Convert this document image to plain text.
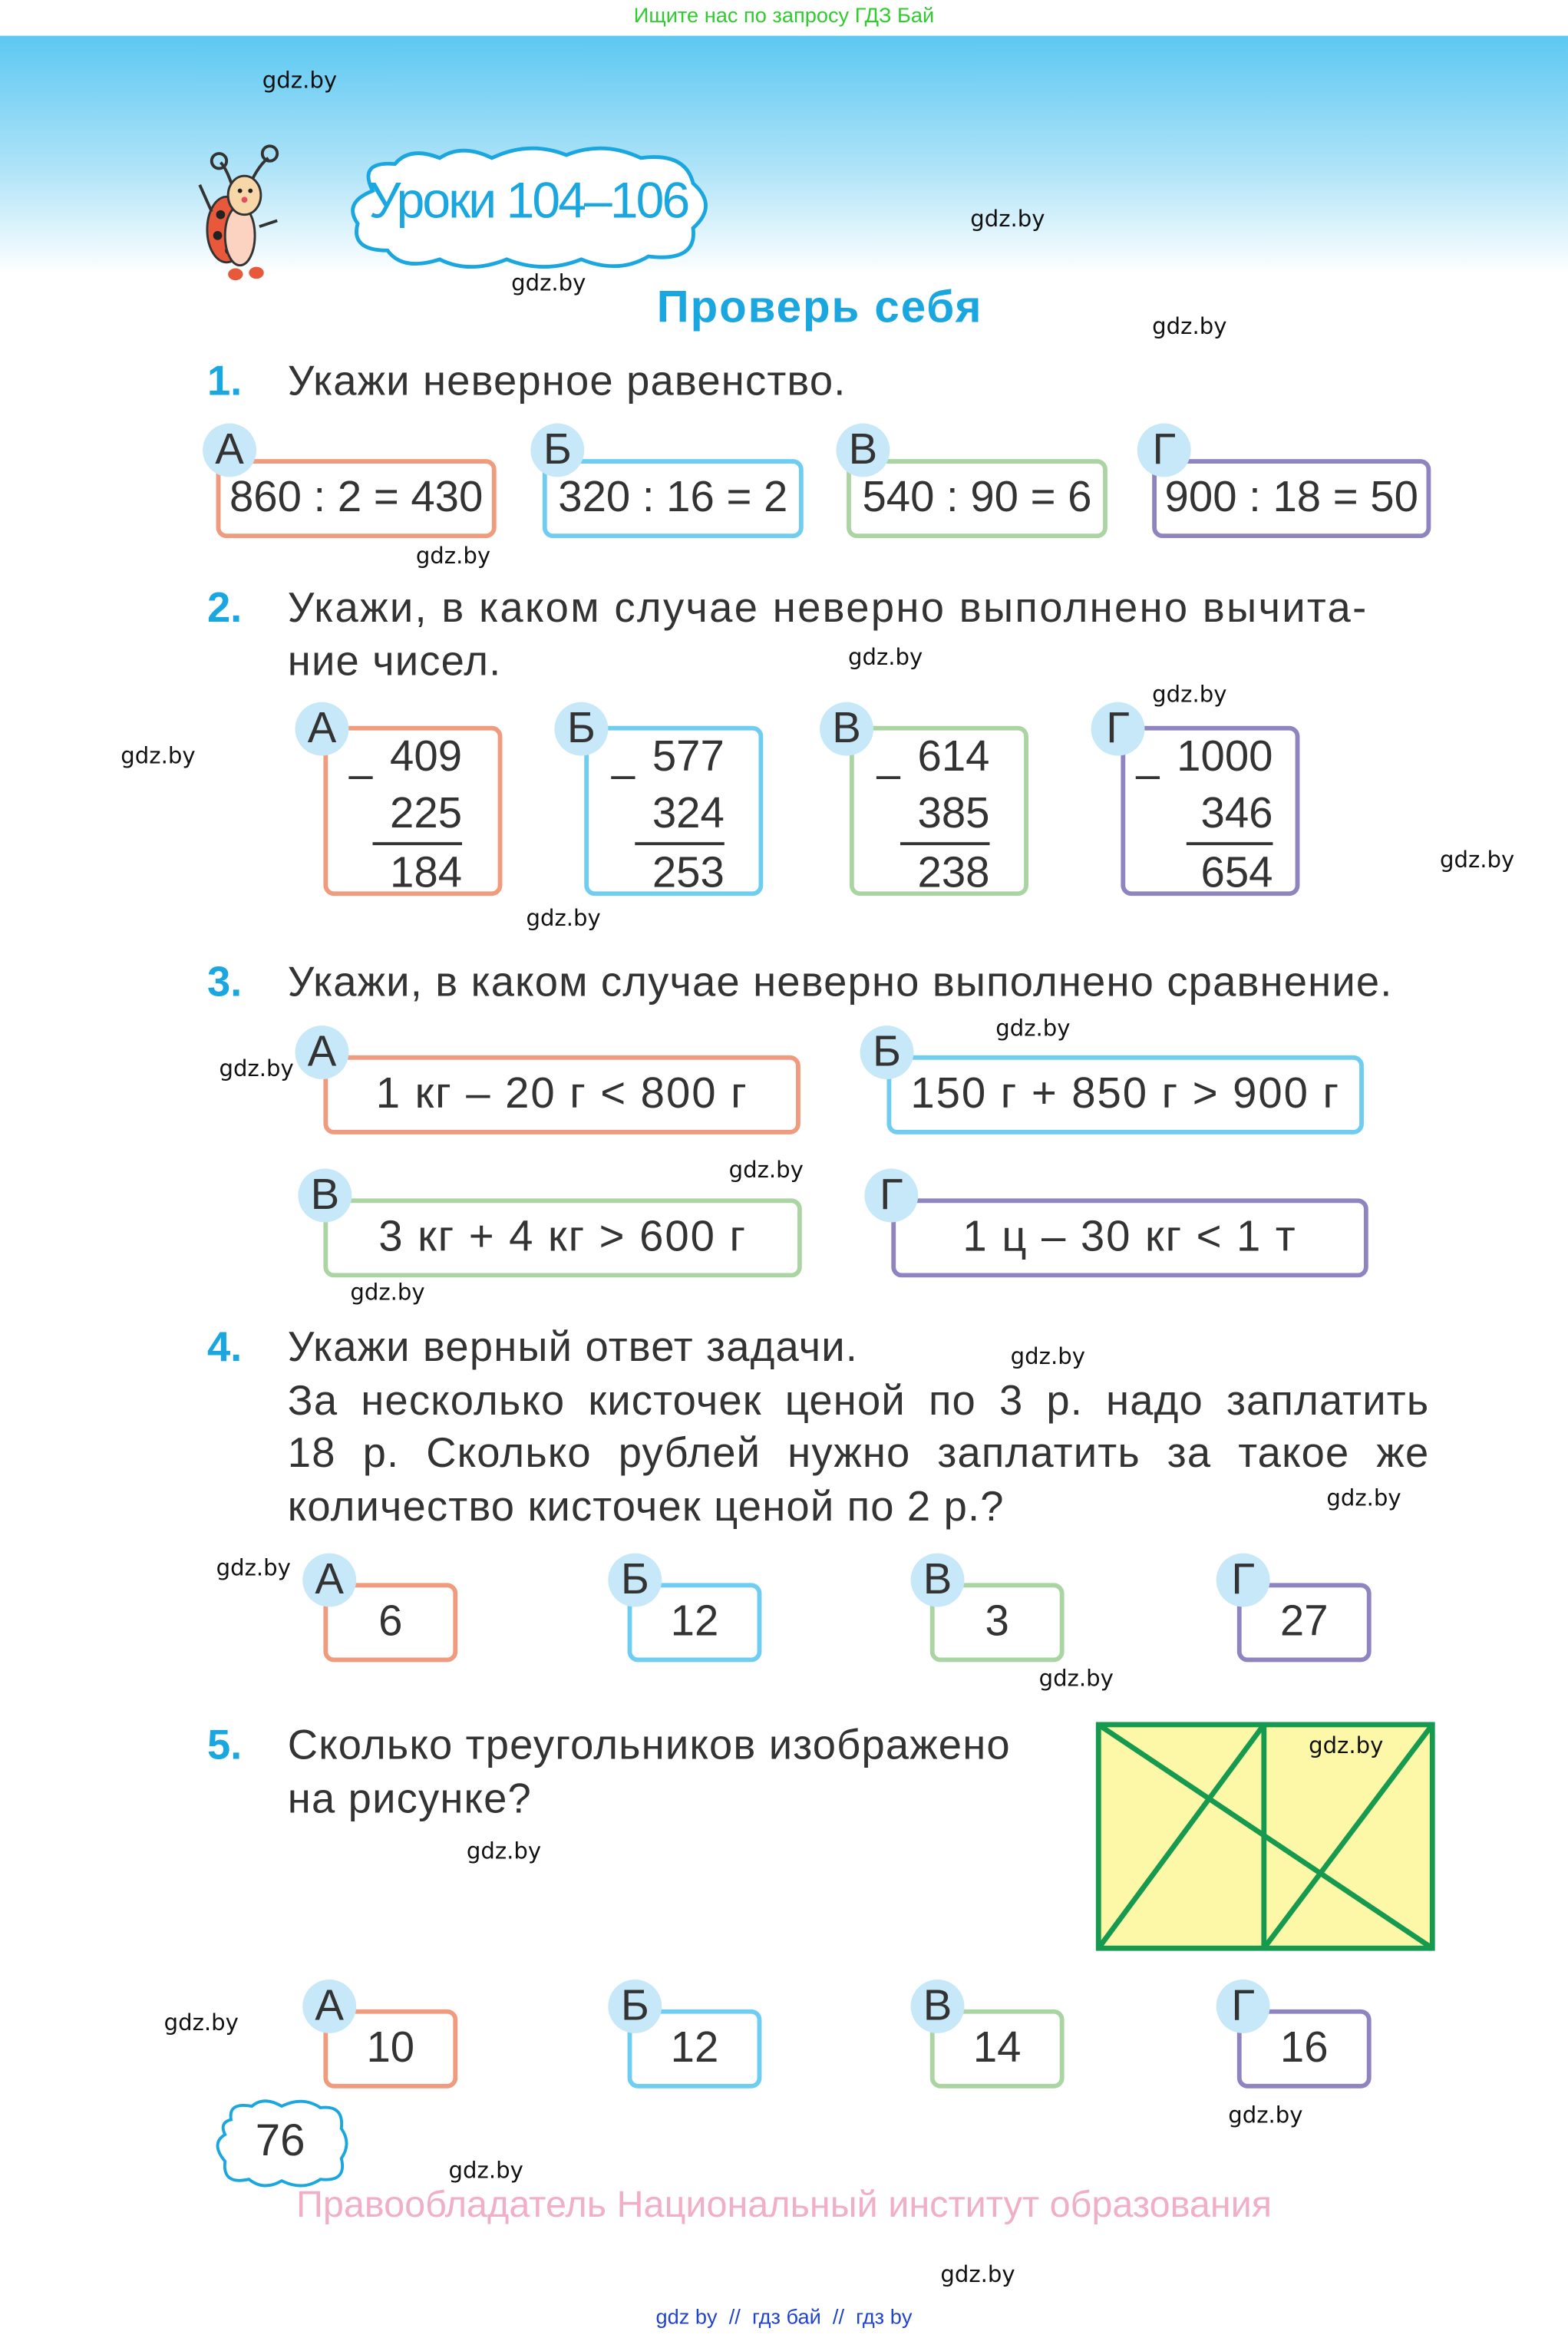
Ищите нас по запросу ГДЗ Бай
gdz.by
gdz.by
gdz.by
gdz.by
gdz.by
gdz.by
gdz.by
gdz.by
gdz.by
gdz.by
gdz.by
gdz.by
gdz.by
gdz.by
gdz.by
gdz.by
gdz.by
gdz.by
gdz.by
gdz.by
gdz.by
gdz.by
gdz.by
Уроки 104–106
Проверь себя
1. Укажи неверное равенство.
860 : 2 = 430
А
320 : 16 = 2
Б
540 : 90 = 6
В
900 : 18 = 50
Г
2. Укажи, в каком случае неверно выполнено вычита-
ние чисел.
409
225
184
–
А
577
324
253
–
Б
614
385
238
–
В
1000
346
654
–
Г
3. Укажи, в каком случае неверно выполнено сравнение.
1 кг – 20 г < 800 г
А
150 г + 850 г > 900 г
Б
3 кг + 4 кг > 600 г
В
1 ц – 30 кг < 1 т
Г
4. Укажи верный ответ задачи.
За несколько кисточек ценой по 3 р. надо заплатить
18 р. Сколько рублей нужно заплатить за такое же
количество кисточек ценой по 2 р.?
6
А
12
Б
3
В
27
Г
5. Сколько треугольников изображено
на рисунке?
gdz.by
10
А
12
Б
14
В
16
Г
76
Правообладатель Национальный институт образования
gdz by  //  гдз бай  //  гдз by
